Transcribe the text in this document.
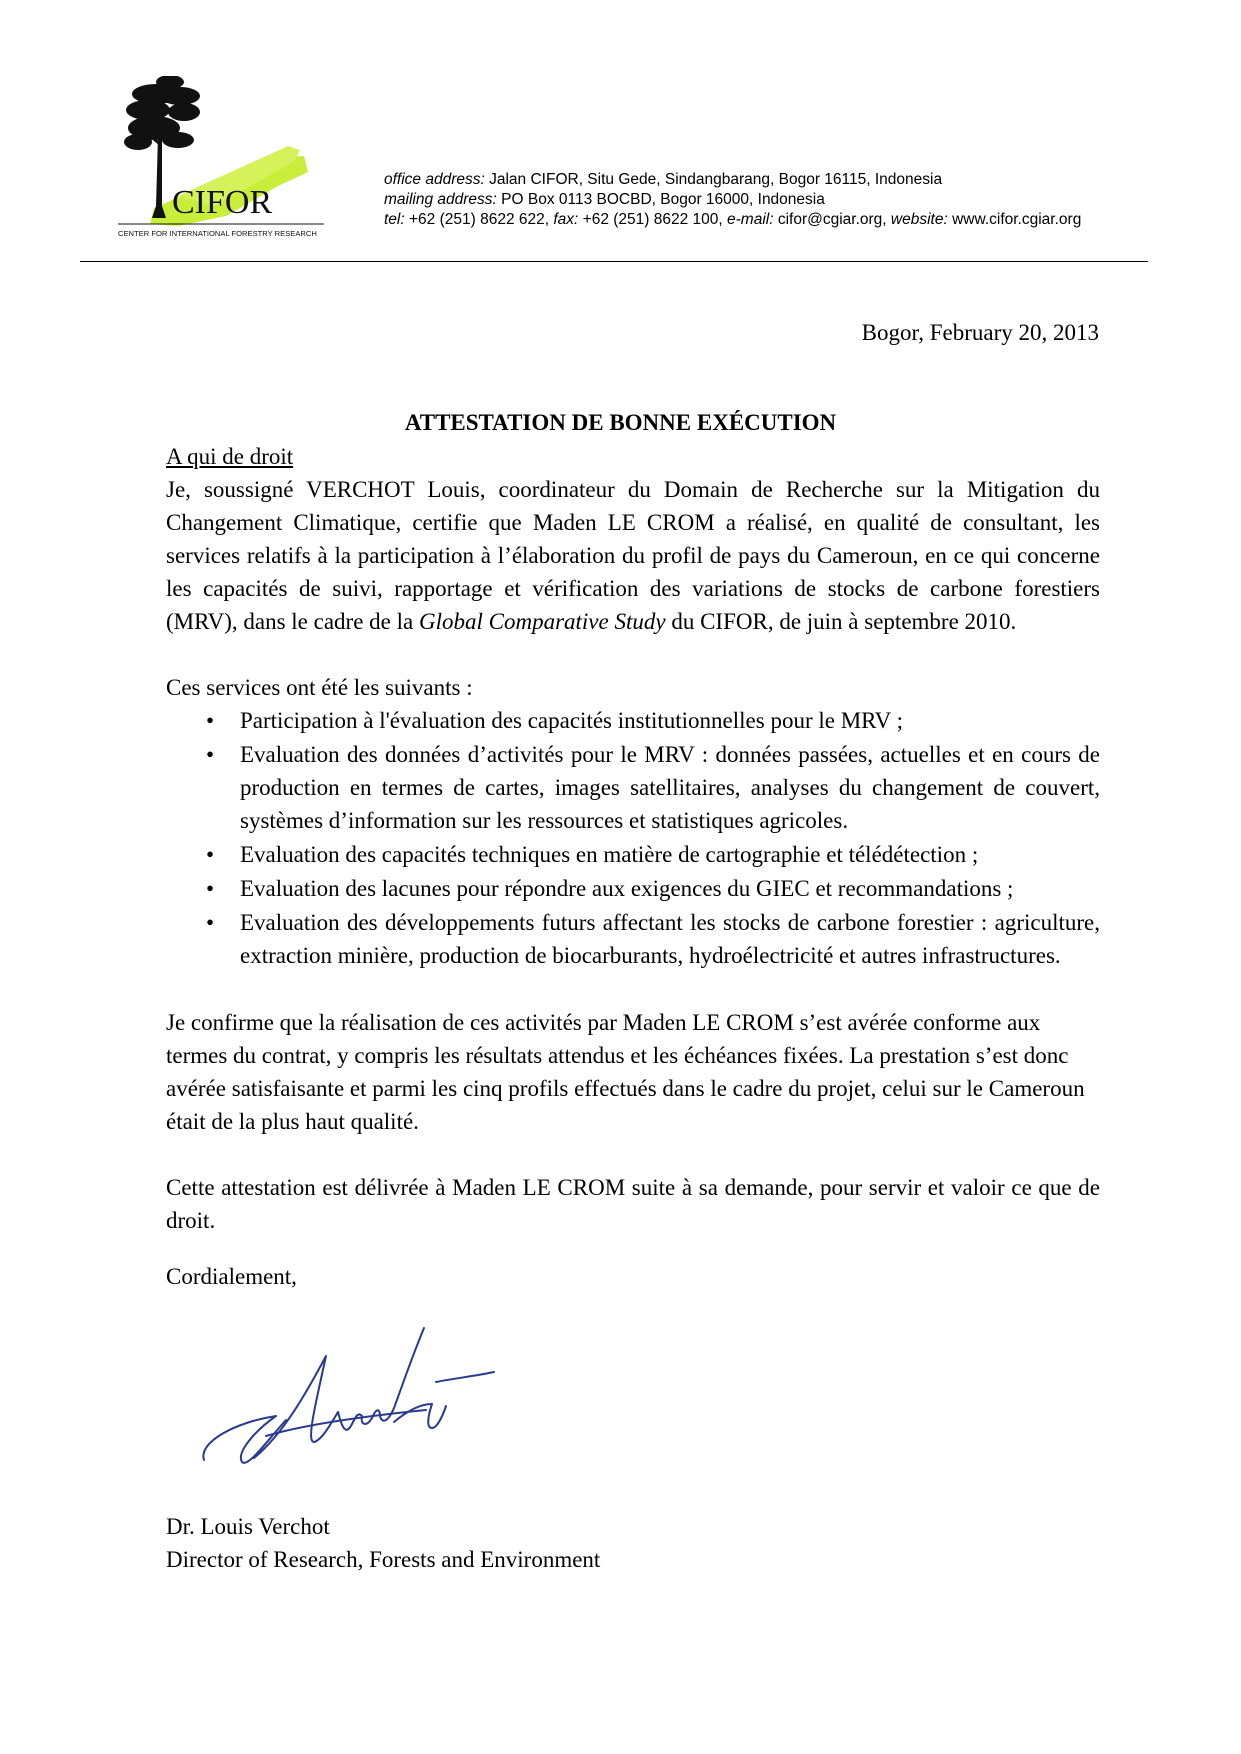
CIFOR
CENTER FOR INTERNATIONAL FORESTRY RESEARCH
office address: Jalan CIFOR, Situ Gede, Sindangbarang, Bogor 16115, Indonesia
mailing address: PO Box 0113 BOCBD, Bogor 16000, Indonesia
tel: +62 (251) 8622 622, fax: +62 (251) 8622 100, e-mail: cifor@cgiar.org, website: www.cifor.cgiar.org
Bogor, February 20, 2013
ATTESTATION DE BONNE EXÉCUTION
A qui de droit

Je, soussigné VERCHOT Louis, coordinateur du Domain de Recherche sur la Mitigation du Changement Climatique, certifie que Maden LE CROM a réalisé, en qualité de consultant, les services relatifs à la participation à l’élaboration du profil de pays du Cameroun, en ce qui concerne les capacités de suivi, rapportage et vérification des variations de stocks de carbone forestiers (MRV), dans le cadre de la Global Comparative Study du CIFOR, de juin à septembre 2010.

Ces services ont été les suivants :
• Participation à l'évaluation des capacités institutionnelles pour le MRV ;
• Evaluation des données d’activités pour le MRV : données passées, actuelles et en cours de production en termes de cartes, images satellitaires, analyses du changement de couvert, systèmes d’information sur les ressources et statistiques agricoles.
• Evaluation des capacités techniques en matière de cartographie et télédétection ;
• Evaluation des lacunes pour répondre aux exigences du GIEC et recommandations ;
• Evaluation des développements futurs affectant les stocks de carbone forestier : agriculture, extraction minière, production de biocarburants, hydroélectricité et autres infrastructures.

Je confirme que la réalisation de ces activités par Maden LE CROM s’est avérée conforme aux termes du contrat, y compris les résultats attendus et les échéances fixées. La prestation s’est donc avérée satisfaisante et parmi les cinq profils effectués dans le cadre du projet, celui sur le Cameroun était de la plus haut qualité.

Cette attestation est délivrée à Maden LE CROM suite à sa demande, pour servir et valoir ce que de droit.

Cordialement,
Dr. Louis Verchot
Director of Research, Forests and Environment
